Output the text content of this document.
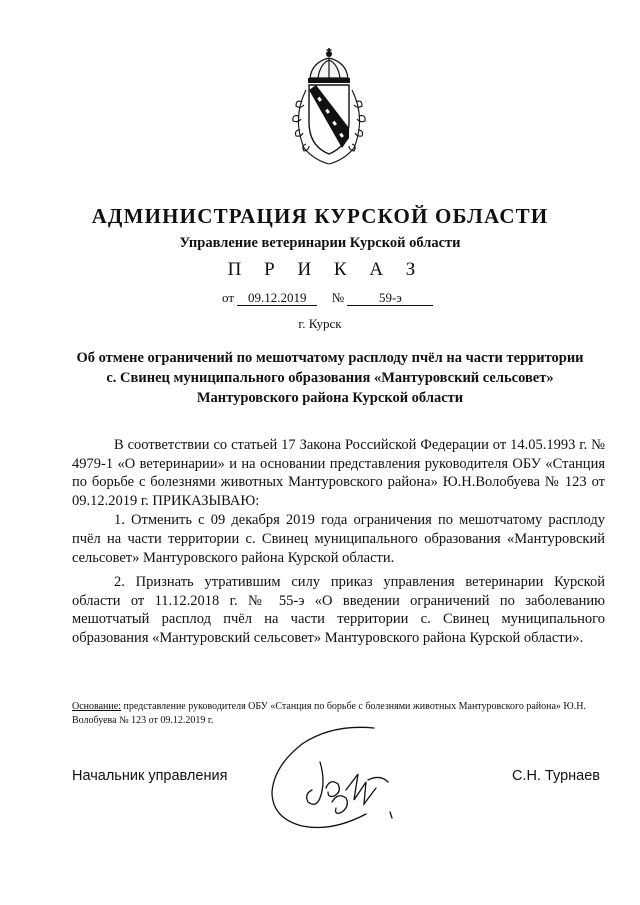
АДМИНИСТРАЦИЯ КУРСКОЙ ОБЛАСТИ
Управление ветеринарии Курской области
П Р И К А З
от 09.12.2019 №	59-э
г. Курск
Об отмене ограничений по мешотчатому расплоду пчёл на части территории
с. Свинец муниципального образования «Мантуровский сельсовет»
Мантуровского района Курской области

В соответствии со статьей 17 Закона Российской Федерации от 14.05.1993 г. № 4979-1 «О ветеринарии» и на основании представления руководителя ОБУ «Станция по борьбе с болезнями животных Мантуровского района» Ю.Н.Волобуева № 123 от 09.12.2019 г. ПРИКАЗЫВАЮ:

1. Отменить с 09 декабря 2019 года ограничения по мешотчатому расплоду пчёл на части территории с. Свинец муниципального образования «Мантуровский сельсовет» Мантуровского района Курской области.

2. Признать утратившим силу приказ управления ветеринарии Курской области от 11.12.2018 г. № 55-э «О введении ограничений по заболеванию мешотчатый расплод пчёл на части территории с. Свинец муниципального образования «Мантуровский сельсовет» Мантуровского района Курской области».

Основание: представление руководителя ОБУ «Станция по борьбе с болезнями животных Мантуровского района» Ю.Н. Волобуева № 123 от 09.12.2019 г.
Начальник управления	С.Н. Турнаев
